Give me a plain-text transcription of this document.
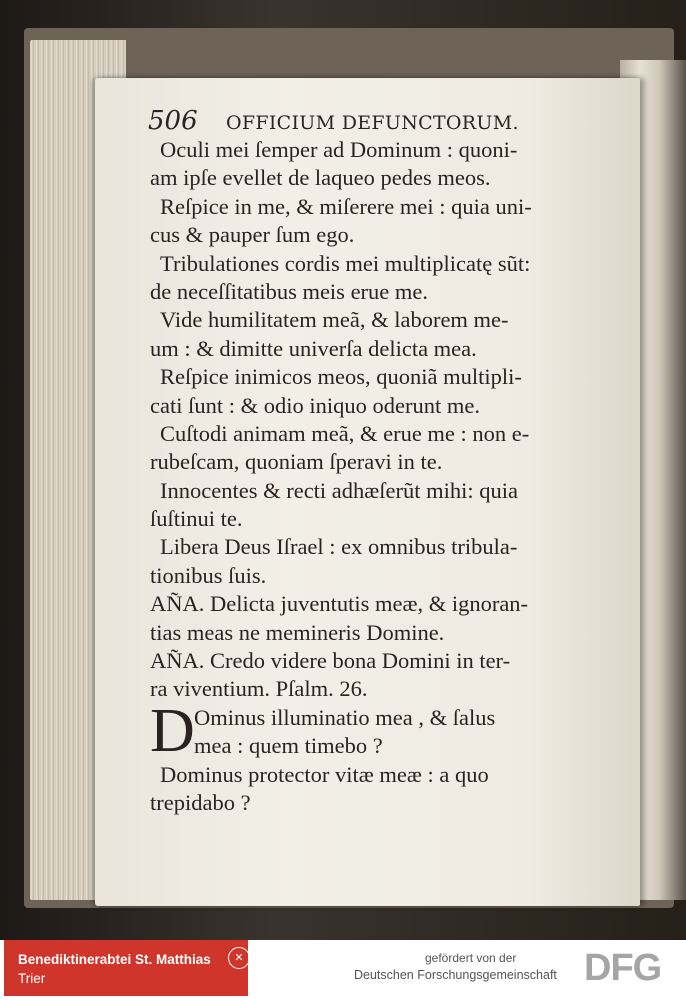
506 OFFICIUM DEFUNCTORUM.
Oculi mei ſemper ad Dominum : quoni-
am ipſe evellet de laqueo pedes meos.
Reſpice in me, & miſerere mei : quia uni-
cus & pauper ſum ego.
Tribulationes cordis mei multiplicatę sũt:
de neceſſitatibus meis erue me.
Vide humilitatem meã, & laborem me-
um : & dimitte univerſa delicta mea.
Reſpice inimicos meos, quoniã multipli-
cati ſunt : & odio iniquo oderunt me.
Cuſtodi animam meã, & erue me : non e-
rubeſcam, quoniam ſperavi in te.
Innocentes & recti adhæſerũt mihi: quia
ſuſtinui te.
Libera Deus Iſrael : ex omnibus tribula-
tionibus ſuis.
AÑA. Delicta juventutis meæ, & ignoran-
tias meas ne memineris Domine.
AÑA. Credo videre bona Domini in ter-
ra viventium. Pſalm. 26.
D Ominus illuminatio mea , & ſalus
mea : quem timebo ?
Dominus protector vitæ meæ : a quo
trepidabo ?
Benediktinerabtei St. Matthias
Trier
✕	gefördert von der
Deutschen Forschungsgemeinschaft DFG
